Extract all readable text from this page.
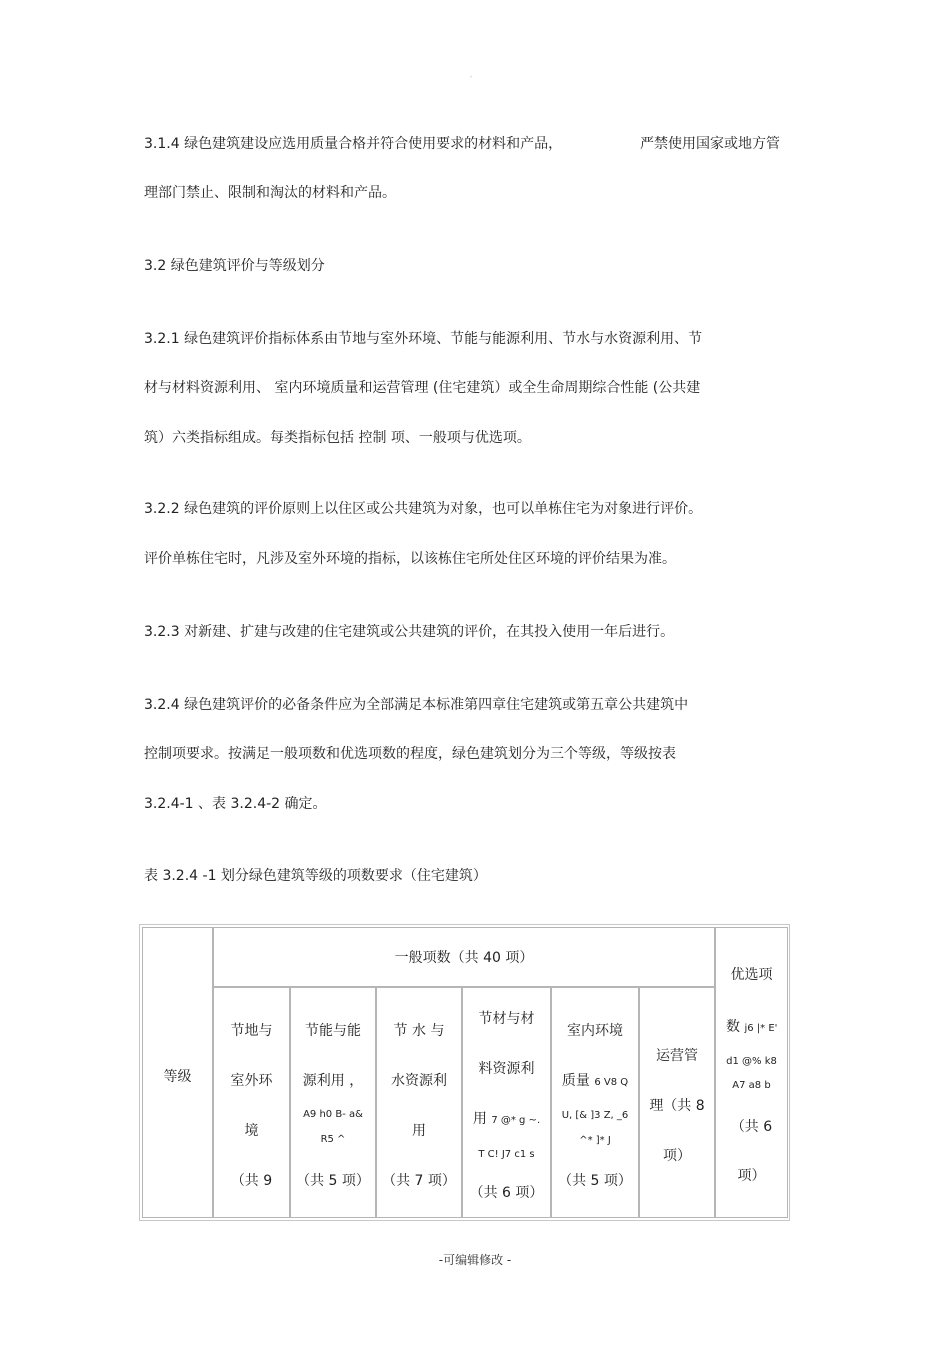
。
3.1.4 绿色建筑建设应选用质量合格并符合使用要求的材料和产品，	严禁使用国家或地方管
理部门禁止、限制和淘汰的材料和产品。
3.2 绿色建筑评价与等级划分
3.2.1 绿色建筑评价指标体系由节地与室外环境、节能与能源利用、节水与水资源利用、节
材与材料资源利用、 室内环境质量和运营管理 (住宅建筑）或全生命周期综合性能 (公共建
筑）六类指标组成。每类指标包括 控制 项、一般项与优选项。
3.2.2 绿色建筑的评价原则上以住区或公共建筑为对象，也可以单栋住宅为对象进行评价。
评价单栋住宅时，凡涉及室外环境的指标，以该栋住宅所处住区环境的评价结果为准。
3.2.3 对新建、扩建与改建的住宅建筑或公共建筑的评价，在其投入使用一年后进行。
3.2.4 绿色建筑评价的必备条件应为全部满足本标准第四章住宅建筑或第五章公共建筑中
控制项要求。按满足一般项数和优选项数的程度，绿色建筑划分为三个等级，等级按表
3.2.4-1 、表 3.2.4-2 确定。
表 3.2.4 -1 划分绿色建筑等级的项数要求（住宅建筑）
等级
一般项数（共 40 项）
优选项
数 j6 |* E'
d1 @% k8
A7 a8 b
（共 6
项）
节地与
室外环
境
（共 9
节能与能
源利用 ，
A9 h0 B- a&
R5 ^
（共 5 项）
节 水 与
水资源利
用
（共 7 项）
节材与材
料资源利
用 7 @* g ~.
T C! J7 c1 s
（共 6 项）
室内环境
质量 6 V8 Q
U, [& ]3 Z, _6
^* ]* J
（共 5 项）
运营管
理（共 8
项）
-可编辑修改 -
